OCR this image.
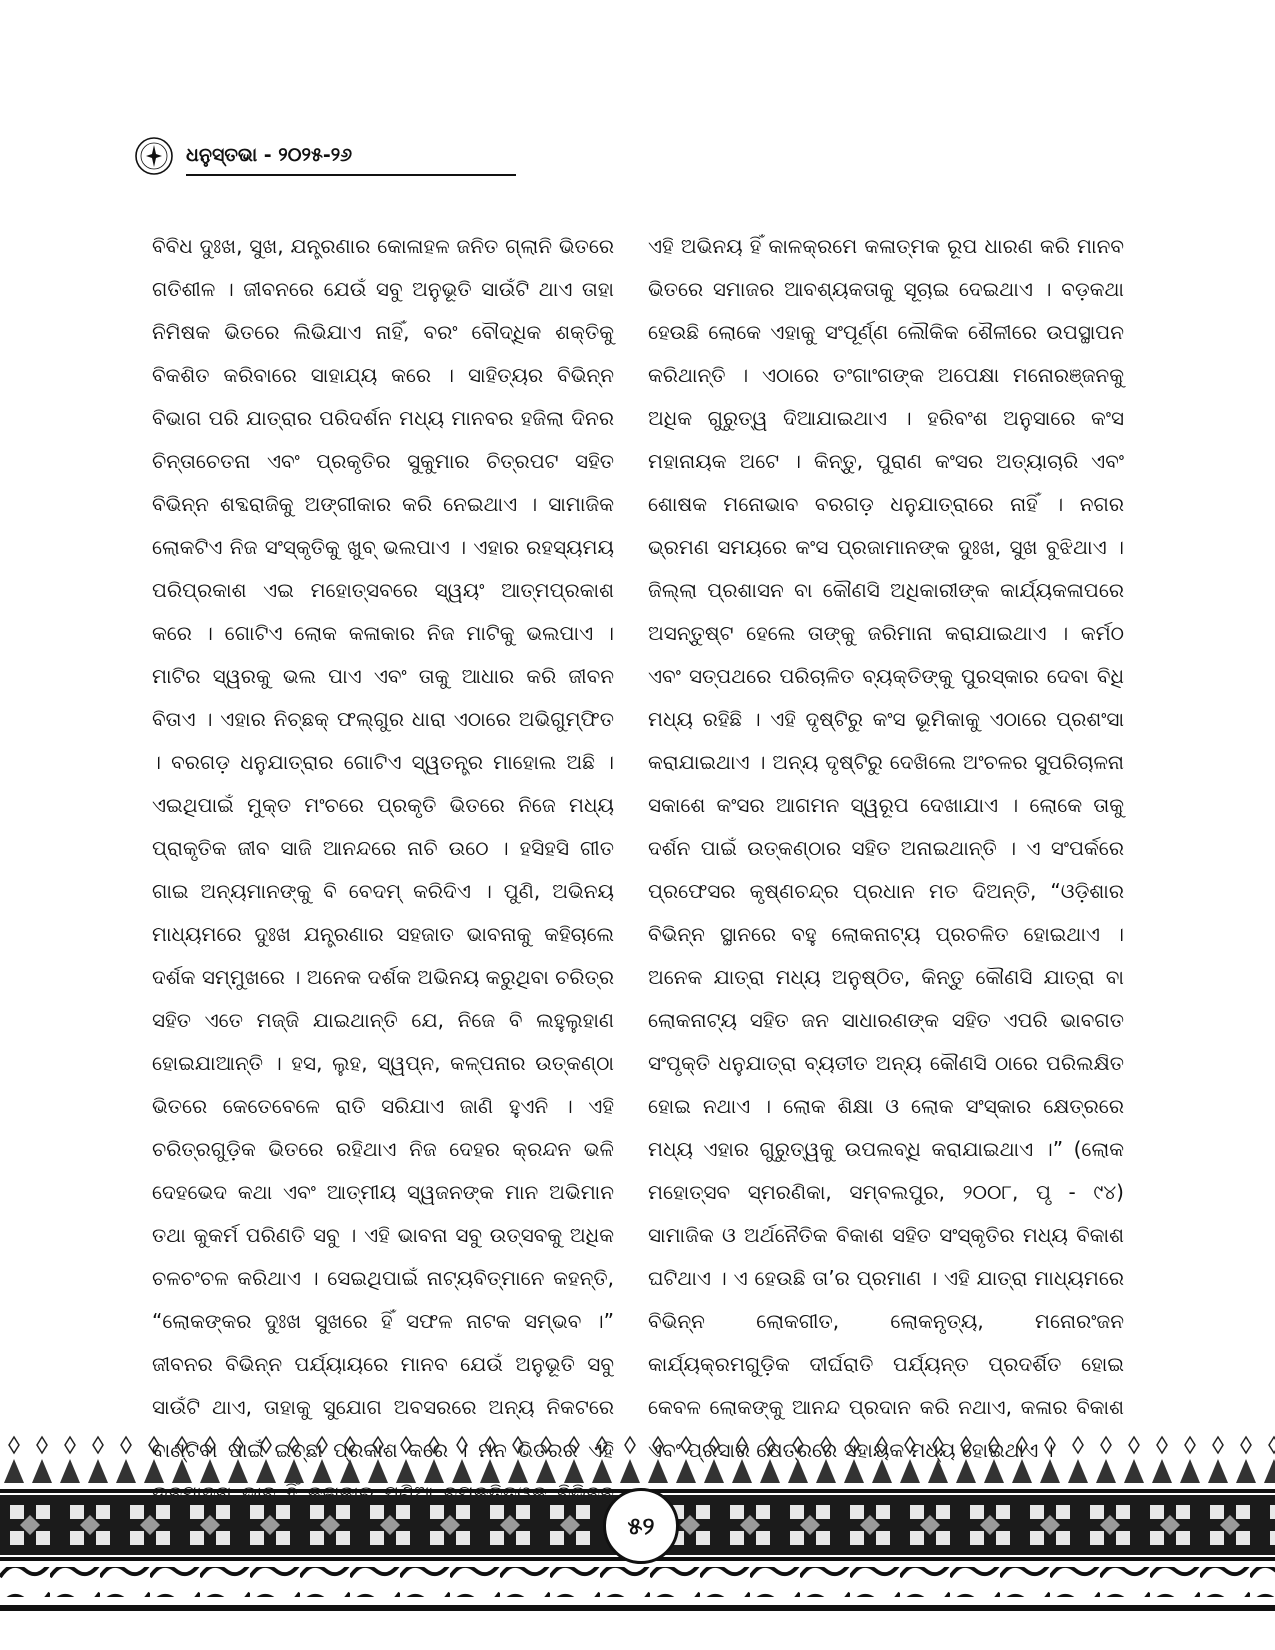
ଧନୁସ୍ତଭା - ୨୦୨୫-୨୬

ବିବିଧ ଦୁଃଖ, ସୁଖ, ଯନ୍ତ୍ରଣାର କୋଳାହଳ ଜନିତ ଗ୍ଲାନି ଭିତରେ ଗତିଶୀଳ । ଜୀବନରେ ଯେଉଁ ସବୁ ଅନୁଭୂତି ସାଉଁଟି ଥାଏ ତାହା ନିମିଷକ ଭିତରେ ଲିଭିଯାଏ ନାହିଁ, ବରଂ ବୌଦ୍ଧିକ ଶକ୍ତିକୁ ବିକଶିତ କରିବାରେ ସାହାଯ୍ୟ କରେ । ସାହିତ୍ୟର ବିଭିନ୍ନ ବିଭାଗ ପରି ଯାତ୍ରାର ପରିଦର୍ଶନ ମଧ୍ୟ ମାନବର ହଜିଲା ଦିନର ଚିନ୍ତାଚେତନା ଏବଂ ପ୍ରକୃତିର ସୁକୁମାର ଚିତ୍ରପଟ ସହିତ ବିଭିନ୍ନ ଶବ୍ଦରାଜିକୁ ଅଙ୍ଗୀକାର କରି ନେଇଥାଏ । ସାମାଜିକ ଲୋକଟିଏ ନିଜ ସଂସ୍କୃତିକୁ ଖୁବ୍ ଭଲପାଏ । ଏହାର ରହସ୍ୟମୟ ପରିପ୍ରକାଶ ଏଇ ମହୋତ୍ସବରେ ସ୍ୱୟଂ ଆତ୍ମପ୍ରକାଶ କରେ । ଗୋଟିଏ ଲୋକ କଳାକାର ନିଜ ମାଟିକୁ ଭଲପାଏ । ମାଟିର ସ୍ୱରକୁ ଭଲ ପାଏ ଏବଂ ତାକୁ ଆଧାର କରି ଜୀବନ ବିତାଏ । ଏହାର ନିଚ୍ଛକ୍ ଫଲ୍ଗୁର ଧାରା ଏଠାରେ ଅଭିଗୁମ୍ଫିତ । ବରଗଡ଼ ଧନୁଯାତ୍ରାର ଗୋଟିଏ ସ୍ୱତନ୍ତ୍ର ମାହୋଲ ଅଛି । ଏଇଥିପାଇଁ ମୁକ୍ତ ମଂଚରେ ପ୍ରକୃତି ଭିତରେ ନିଜେ ମଧ୍ୟ ପ୍ରାକୃତିକ ଜୀବ ସାଜି ଆନନ୍ଦରେ ନାଚି ଉଠେ । ହସିହସି ଗୀତ ଗାଇ ଅନ୍ୟମାନଙ୍କୁ ବି ବେଦମ୍ କରିଦିଏ । ପୁଣି, ଅଭିନୟ ମାଧ୍ୟମରେ ଦୁଃଖ ଯନ୍ତ୍ରଣାର ସହଜାତ ଭାବନାକୁ କହିଚାଲେ ଦର୍ଶକ ସମ୍ମୁଖରେ । ଅନେକ ଦର୍ଶକ ଅଭିନୟ କରୁଥିବା ଚରିତ୍ର ସହିତ ଏତେ ମଜ୍ଜି ଯାଇଥାନ୍ତି ଯେ, ନିଜେ ବି ଲହୁଲୁହାଣ ହୋଇଯାଆନ୍ତି । ହସ, ଲୁହ, ସ୍ୱପ୍ନ, କଳ୍ପନାର ଉତ୍କଣ୍ଠା ଭିତରେ କେତେବେଳେ ରାତି ସରିଯାଏ ଜାଣି ହୁଏନି । ଏହି ଚରିତ୍ରଗୁଡ଼ିକ ଭିତରେ ରହିଥାଏ ନିଜ ଦେହର କ୍ରନ୍ଦନ ଭଳି ଦେହଭେଦ କଥା ଏବଂ ଆତ୍ମୀୟ ସ୍ୱଜନଙ୍କ ମାନ ଅଭିମାନ ତଥା କୁକର୍ମ ପରିଣତି ସବୁ । ଏହି ଭାବନା ସବୁ ଉତ୍ସବକୁ ଅଧିକ ଚଳଚଂଚଳ କରିଥାଏ । ସେଇଥିପାଇଁ ନାଟ୍ୟବିତ୍ମାନେ କହନ୍ତି, “ଲୋକଙ୍କର ଦୁଃଖ ସୁଖରେ ହିଁ ସଫଳ ନାଟକ ସମ୍ଭବ ।” ଜୀବନର ବିଭିନ୍ନ ପର୍ଯ୍ୟାୟରେ ମାନବ ଯେଉଁ ଅନୁଭୂତି ସବୁ ସାଉଁଟି ଥାଏ, ତାହାକୁ ସୁଯୋଗ ଅବସରରେ ଅନ୍ୟ ନିକଟରେ

ଏହି ଅଭିନୟ ହିଁ କାଳକ୍ରମେ କଳାତ୍ମକ ରୂପ ଧାରଣ କରି ମାନବ ଭିତରେ ସମାଜର ଆବଶ୍ୟକତାକୁ ସୂଚାଇ ଦେଇଥାଏ । ବଡ଼କଥା ହେଉଛି ଲୋକେ ଏହାକୁ ସଂପୂର୍ଣ୍ଣ ଲୌକିକ ଶୈଳୀରେ ଉପସ୍ଥାପନ କରିଥାନ୍ତି । ଏଠାରେ ତଂଗାଂଗଙ୍କ ଅପେକ୍ଷା ମନୋରଞ୍ଜନକୁ ଅଧିକ ଗୁରୁତ୍ୱ ଦିଆଯାଇଥାଏ । ହରିବଂଶ ଅନୁସାରେ କଂସ ମହାନାୟକ ଅଟେ । କିନ୍ତୁ, ପୁରାଣ କଂସର ଅତ୍ୟାଚାରି ଏବଂ ଶୋଷକ ମନୋଭାବ ବରଗଡ଼ ଧନୁଯାତ୍ରାରେ ନାହିଁ । ନଗର ଭ୍ରମଣ ସମୟରେ କଂସ ପ୍ରଜାମାନଙ୍କ ଦୁଃଖ, ସୁଖ ବୁଝିଥାଏ । ଜିଲ୍ଲା ପ୍ରଶାସନ ବା କୌଣସି ଅଧିକାରୀଙ୍କ କାର୍ଯ୍ୟକଳାପରେ ଅସନ୍ତୁଷ୍ଟ ହେଲେ ତାଙ୍କୁ ଜରିମାନା କରାଯାଇଥାଏ । କର୍ମଠ ଏବଂ ସତ୍‌ପଥରେ ପରିଚାଳିତ ବ୍ୟକ୍ତିଙ୍କୁ ପୁରସ୍କାର ଦେବା ବିଧି ମଧ୍ୟ ରହିଛି । ଏହି ଦୃଷ୍ଟିରୁ କଂସ ଭୂମିକାକୁ ଏଠାରେ ପ୍ରଶଂସା କରାଯାଇଥାଏ । ଅନ୍ୟ ଦୃଷ୍ଟିରୁ ଦେଖିଲେ ଅଂଚଳର ସୁପରିଚାଳନା ସକାଶେ କଂସର ଆଗମନ ସ୍ୱରୂପ ଦେଖାଯାଏ । ଲୋକେ ତାକୁ ଦର୍ଶନ ପାଇଁ ଉତ୍କଣ୍ଠାର ସହିତ ଅନାଇଥାନ୍ତି । ଏ ସଂପର୍କରେ ପ୍ରଫେସର କୃଷ୍ଣଚନ୍ଦ୍ର ପ୍ରଧାନ ମତ ଦିଅନ୍ତି, “ଓଡ଼ିଶାର ବିଭିନ୍ନ ସ୍ଥାନରେ ବହୁ ଲୋକନାଟ୍ୟ ପ୍ରଚଳିତ ହୋଇଥାଏ । ଅନେକ ଯାତ୍ରା ମଧ୍ୟ ଅନୁଷ୍ଠିତ, କିନ୍ତୁ କୌଣସି ଯାତ୍ରା ବା ଲୋକନାଟ୍ୟ ସହିତ ଜନ ସାଧାରଣଙ୍କ ସହିତ ଏପରି ଭାବଗତ ସଂପୃକ୍ତି ଧନୁଯାତ୍ରା ବ୍ୟତୀତ ଅନ୍ୟ କୌଣସି ଠାରେ ପରିଲକ୍ଷିତ ହୋଇ ନଥାଏ । ଲୋକ ଶିକ୍ଷା ଓ ଲୋକ ସଂସ୍କାର କ୍ଷେତ୍ରରେ ମଧ୍ୟ ଏହାର ଗୁରୁତ୍ୱକୁ ଉପଲବ୍ଧି କରାଯାଇଥାଏ ।” (ଲୋକ ମହୋତ୍ସବ ସ୍ମରଣିକା, ସମ୍ବଲପୁର, ୨୦୦୮, ପୃ - ୯୪) ସାମାଜିକ ଓ ଅର୍ଥନୈତିକ ବିକାଶ ସହିତ ସଂସ୍କୃତିର ମଧ୍ୟ ବିକାଶ ଘଟିଥାଏ । ଏ ହେଉଛି ତା’ର ପ୍ରମାଣ । ଏହି ଯାତ୍ରା ମାଧ୍ୟମରେ ବିଭିନ୍ନ ଲୋକଗୀତ, ଲୋକନୃତ୍ୟ, ମନୋରଂଜନ କାର୍ଯ୍ୟକ୍ରମଗୁଡ଼ିକ ଦୀର୍ଘରାତି ପର୍ଯ୍ୟନ୍ତ ପ୍ରଦର୍ଶିତ ହୋଇ କେବଳ ଲୋକଙ୍କୁ ଆନନ୍ଦ ପ୍ରଦାନ କରି ନଥାଏ, କଳାର ବିକାଶ

୫୨
